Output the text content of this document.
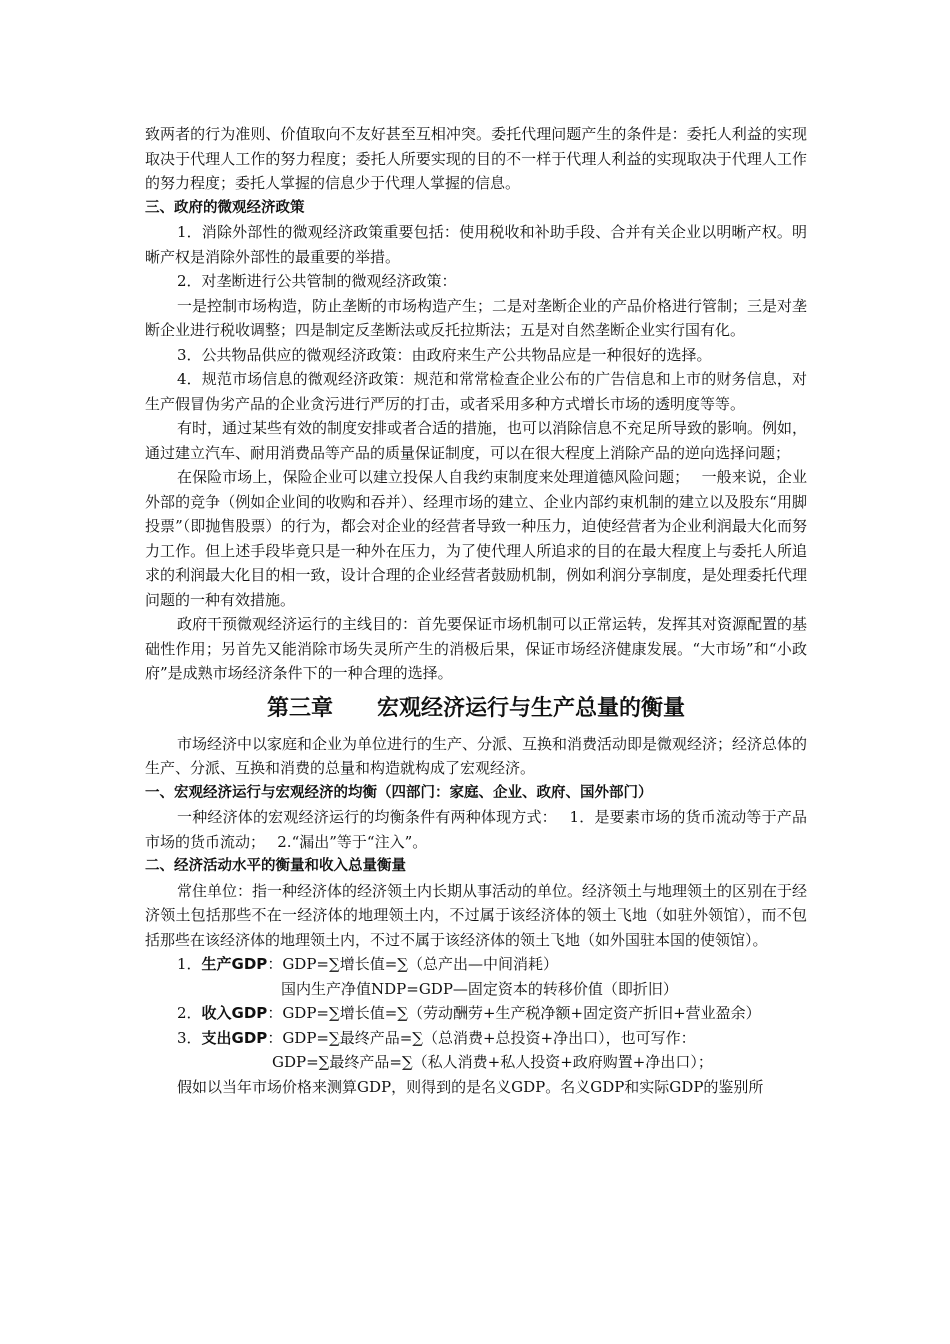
致两者的行为准则、价值取向不友好甚至互相冲突。委托代理问题产生的条件是：委托人利益的实现取决于代理人工作的努力程度；委托人所要实现的目的不一样于代理人利益的实现取决于代理人工作的努力程度；委托人掌握的信息少于代理人掌握的信息。

三、政府的微观经济政策

1．消除外部性的微观经济政策重要包括：使用税收和补助手段、合并有关企业以明晰产权。明晰产权是消除外部性的最重要的举措。

2．对垄断进行公共管制的微观经济政策：

一是控制市场构造，防止垄断的市场构造产生；二是对垄断企业的产品价格进行管制；三是对垄断企业进行税收调整；四是制定反垄断法或反托拉斯法；五是对自然垄断企业实行国有化。

3．公共物品供应的微观经济政策：由政府来生产公共物品应是一种很好的选择。

4．规范市场信息的微观经济政策：规范和常常检查企业公布的广告信息和上市的财务信息，对生产假冒伪劣产品的企业贪污进行严厉的打击，或者采用多种方式增长市场的透明度等等。

有时，通过某些有效的制度安排或者合适的措施，也可以消除信息不充足所导致的影响。例如，通过建立汽车、耐用消费品等产品的质量保证制度，可以在很大程度上消除产品的逆向选择问题；

在保险市场上，保险企业可以建立投保人自我约束制度来处理道德风险问题；　 一般来说，企业外部的竞争（例如企业间的收购和吞并）、经理市场的建立、企业内部约束机制的建立以及股东“用脚投票”（即抛售股票）的行为，都会对企业的经营者导致一种压力，迫使经营者为企业利润最大化而努力工作。但上述手段毕竟只是一种外在压力，为了使代理人所追求的目的在最大程度上与委托人所追求的利润最大化目的相一致，设计合理的企业经营者鼓励机制，例如利润分享制度，是处理委托代理问题的一种有效措施。

政府干预微观经济运行的主线目的：首先要保证市场机制可以正常运转，发挥其对资源配置的基础性作用；另首先又能消除市场失灵所产生的消极后果，保证市场经济健康发展。“大市场”和“小政府”是成熟市场经济条件下的一种合理的选择。

第三章 宏观经济运行与生产总量的衡量

市场经济中以家庭和企业为单位进行的生产、分派、互换和消费活动即是微观经济；经济总体的生产、分派、互换和消费的总量和构造就构成了宏观经济。

一、宏观经济运行与宏观经济的均衡（四部门：家庭、企业、政府、国外部门）

一种经济体的宏观经济运行的均衡条件有两种体现方式：　 1．是要素市场的货币流动等于产品市场的货币流动；　 2.“漏出”等于“注入”。

二、经济活动水平的衡量和收入总量衡量

常住单位：指一种经济体的经济领土内长期从事活动的单位。经济领土与地理领土的区别在于经济领土包括那些不在一经济体的地理领土内，不过属于该经济体的领土飞地（如驻外领馆），而不包括那些在该经济体的地理领土内，不过不属于该经济体的领土飞地（如外国驻本国的使领馆）。

1．生产GDP：GDP=∑增长值=∑（总产出—中间消耗）

国内生产净值NDP=GDP—固定资本的转移价值（即折旧）

2．收入GDP：GDP=∑增长值=∑（劳动酬劳+生产税净额+固定资产折旧+营业盈余）

3．支出GDP：GDP=∑最终产品=∑（总消费+总投资+净出口），也可写作：

GDP=∑最终产品=∑（私人消费+私人投资+政府购置+净出口）；

假如以当年市场价格来测算GDP，则得到的是名义GDP。名义GDP和实际GDP的鉴别所
